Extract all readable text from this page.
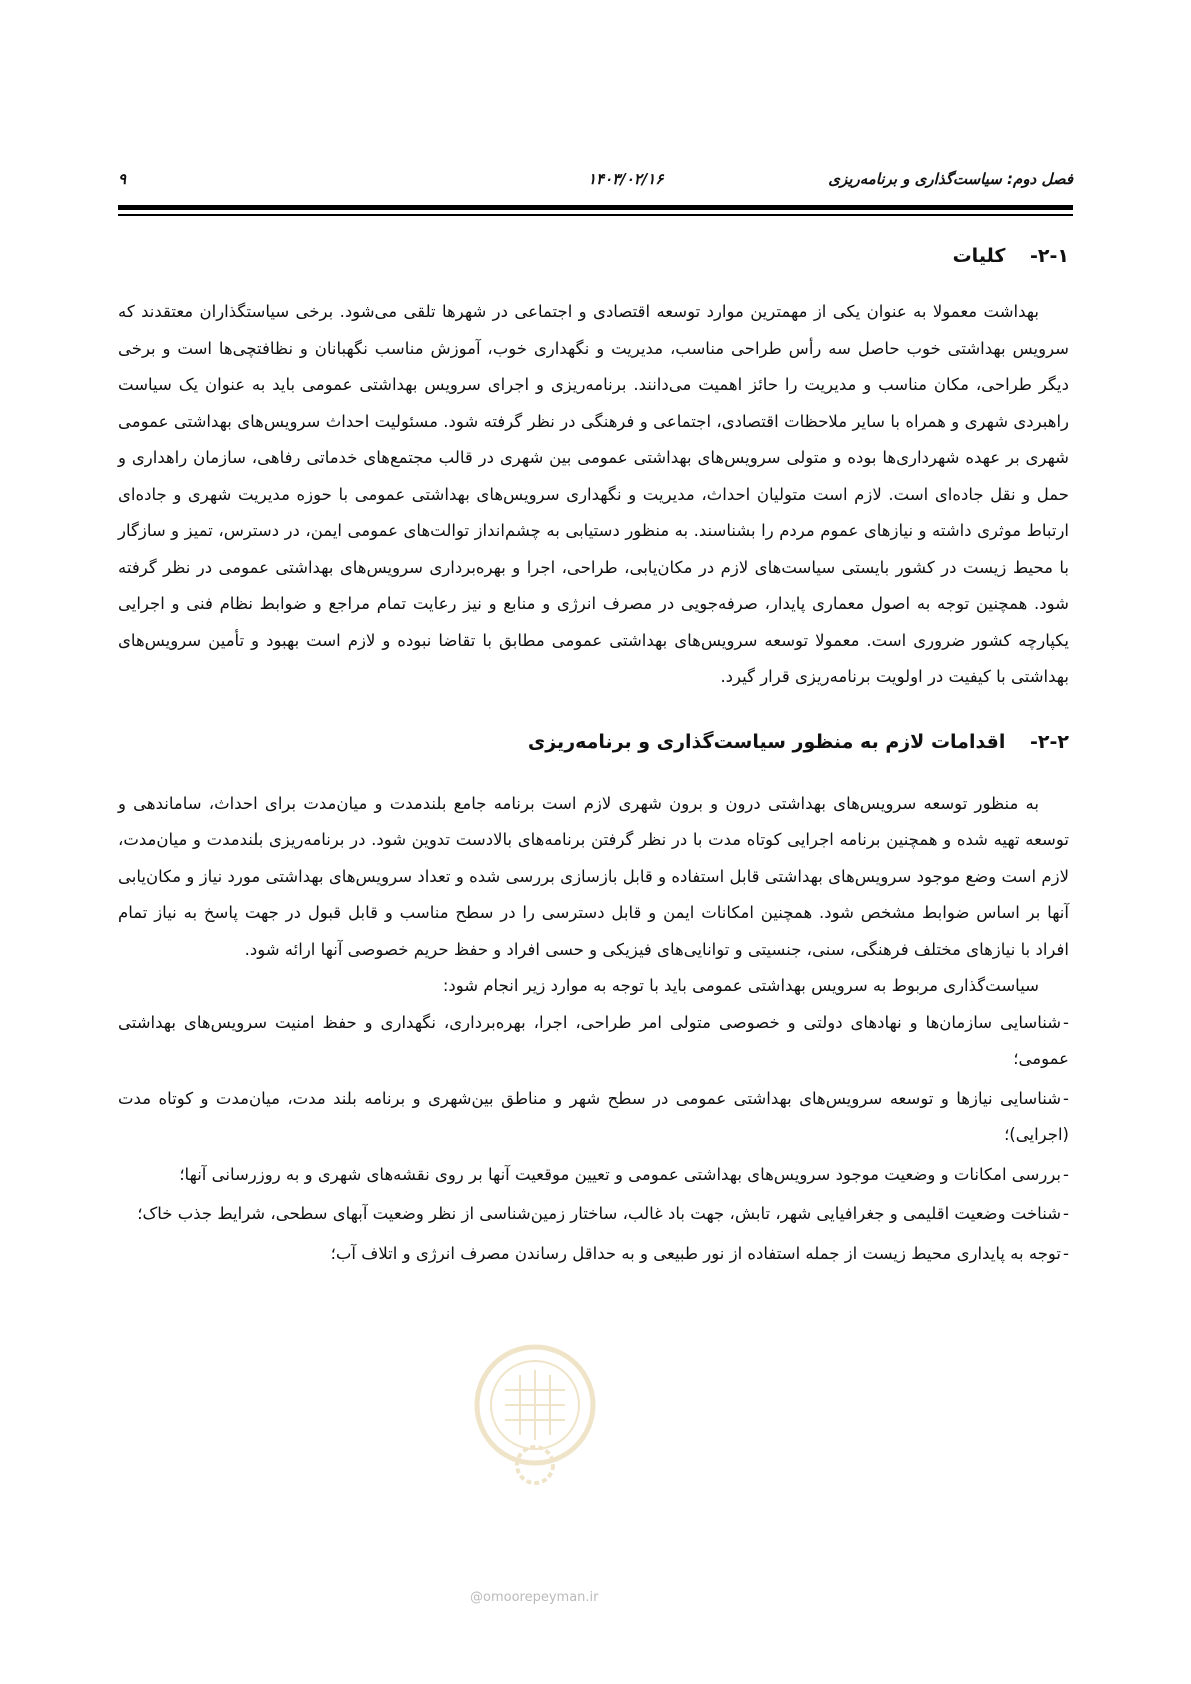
فصل دوم: سیاست‌گذاری و برنامه‌ریزی
۱۴۰۳/۰۲/۱۶
۹
۲-۱- کلیات

بهداشت معمولا به عنوان یکی از مهمترین موارد توسعه اقتصادی و اجتماعی در شهرها تلقی می‌شود. برخی سیاستگذاران معتقدند که سرویس بهداشتی خوب حاصل سه رأس طراحی مناسب، مدیریت و نگهداری خوب، آموزش مناسب نگهبانان و نظافتچی‌ها است و برخی دیگر طراحی، مکان مناسب و مدیریت را حائز اهمیت می‌دانند. برنامه‌ریزی و اجرای سرویس بهداشتی عمومی باید به عنوان یک سیاست راهبردی شهری و همراه با سایر ملاحظات اقتصادی، اجتماعی و فرهنگی در نظر گرفته شود. مسئولیت احداث سرویس‌های بهداشتی عمومی شهری بر عهده شهرداری‌ها بوده و متولی سرویس‌های بهداشتی عمومی بین شهری در قالب مجتمع‌های خدماتی رفاهی، سازمان راهداری و حمل و نقل جاده‌ای است. لازم است متولیان احداث، مدیریت و نگهداری سرویس‌های بهداشتی عمومی با حوزه مدیریت شهری و جاده‌ای ارتباط موثری داشته و نیازهای عموم مردم را بشناسند. به منظور دستیابی به چشم‌انداز توالت‌های عمومی ایمن، در دسترس، تمیز و سازگار با محیط زیست در کشور بایستی سیاست‌های لازم در مکان‌یابی، طراحی، اجرا و بهره‌برداری سرویس‌های بهداشتی عمومی در نظر گرفته شود. همچنین توجه به اصول معماری پایدار، صرفه‌جویی در مصرف انرژی و منابع و نیز رعایت تمام مراجع و ضوابط نظام فنی و اجرایی یکپارچه کشور ضروری است. معمولا توسعه سرویس‌های بهداشتی عمومی مطابق با تقاضا نبوده و لازم است بهبود و تأمین سرویس‌های بهداشتی با کیفیت در اولویت برنامه‌ریزی قرار گیرد.

۲-۲- اقدامات لازم به منظور سیاست‌گذاری و برنامه‌ریزی

به منظور توسعه سرویس‌های بهداشتی درون و برون شهری لازم است برنامه جامع بلندمدت و میان‌مدت برای احداث، ساماندهی و توسعه تهیه شده و همچنین برنامه اجرایی کوتاه مدت با در نظر گرفتن برنامه‌های بالادست تدوین شود. در برنامه‌ریزی بلندمدت و میان‌مدت، لازم است وضع موجود سرویس‌های بهداشتی قابل استفاده و قابل بازسازی بررسی شده و تعداد سرویس‌های بهداشتی مورد نیاز و مکان‌یابی آنها بر اساس ضوابط مشخص شود. همچنین امکانات ایمن و قابل دسترسی را در سطح مناسب و قابل قبول در جهت پاسخ به نیاز تمام افراد با نیازهای مختلف فرهنگی، سنی، جنسیتی و توانایی‌های فیزیکی و حسی افراد و حفظ حریم خصوصی آنها ارائه شود.

سیاست‌گذاری مربوط به سرویس بهداشتی عمومی باید با توجه به موارد زیر انجام شود:

-شناسایی سازمان‌ها و نهادهای دولتی و خصوصی متولی امر طراحی، اجرا، بهره‌برداری، نگهداری و حفظ امنیت سرویس‌های بهداشتی عمومی؛
-شناسایی نیازها و توسعه سرویس‌های بهداشتی عمومی در سطح شهر و مناطق بین‌شهری و برنامه بلند مدت، میان‌مدت و کوتاه مدت (اجرایی)؛
-بررسی امکانات و وضعیت موجود سرویس‌های بهداشتی عمومی و تعیین موقعیت آنها بر روی نقشه‌های شهری و به روزرسانی آنها؛
-شناخت وضعیت اقلیمی و جغرافیایی شهر، تابش، جهت باد غالب، ساختار زمین‌شناسی از نظر وضعیت آبهای سطحی، شرایط جذب خاک؛
-توجه به پایداری محیط زیست از جمله استفاده از نور طبیعی و به حداقل رساندن مصرف انرژی و اتلاف آب؛
@omoorepeyman.ir
